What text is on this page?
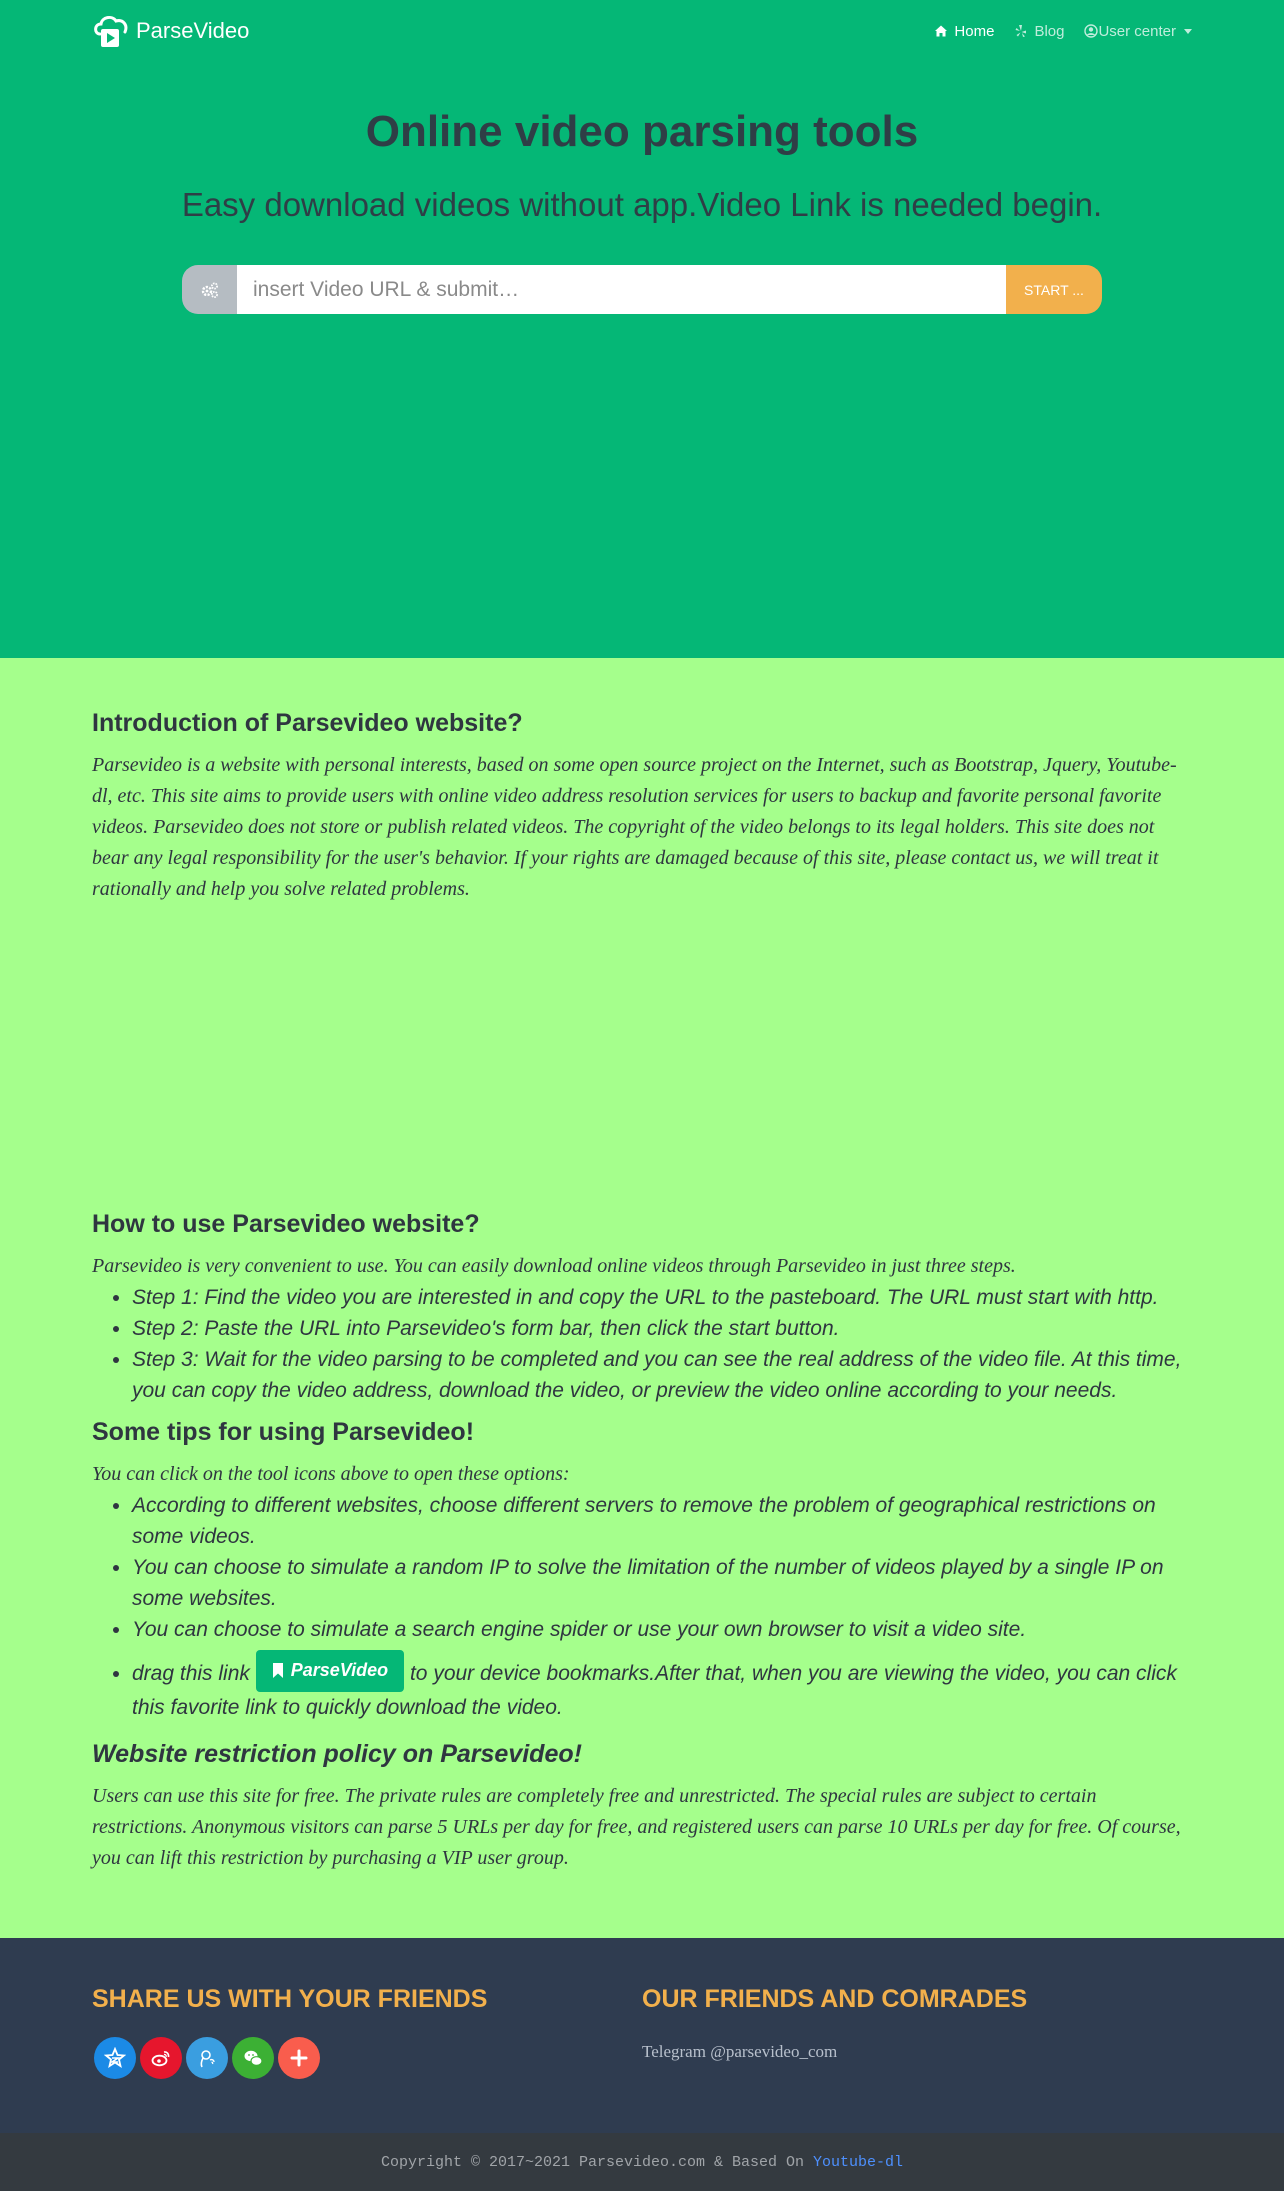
ParseVideo	Home	Blog User center
Online video parsing tools
Easy download videos without app.Video Link is needed begin.
insert Video URL & submit…
START ...
Introduction of Parsevideo website?

Parsevideo is a website with personal interests, based on some open source project on the Internet, such as Bootstrap, Jquery, Youtube-dl, etc. This site aims to provide users with online video address resolution services for users to backup and favorite personal favorite videos. Parsevideo does not store or publish related videos. The copyright of the video belongs to its legal holders. This site does not bear any legal responsibility for the user's behavior. If your rights are damaged because of this site, please contact us, we will treat it rationally and help you solve related problems.

How to use Parsevideo website?

Parsevideo is very convenient to use. You can easily download online videos through Parsevideo in just three steps.

• Step 1: Find the video you are interested in and copy the URL to the pasteboard. The URL must start with http.
• Step 2: Paste the URL into Parsevideo's form bar, then click the start button.
• Step 3: Wait for the video parsing to be completed and you can see the real address of the video file. At this time, you can copy the video address, download the video, or preview the video online according to your needs.
Some tips for using Parsevideo!

You can click on the tool icons above to open these options:

• According to different websites, choose different servers to remove the problem of geographical restrictions on some videos.
• You can choose to simulate a random IP to solve the limitation of the number of videos played by a single IP on some websites.
• You can choose to simulate a search engine spider or use your own browser to visit a video site.
• drag this link ParseVideo to your device bookmarks.After that, when you are viewing the video, you can click this favorite link to quickly download the video.
Website restriction policy on Parsevideo!

Users can use this site for free. The private rules are completely free and unrestricted. The special rules are subject to certain restrictions. Anonymous visitors can parse 5 URLs per day for free, and registered users can parse 10 URLs per day for free. Of course, you can lift this restriction by purchasing a VIP user group.

SHARE US WITH YOUR FRIENDS	OUR FRIENDS AND COMRADES
Telegram @parsevideo_com
Copyright © 2017~2021 Parsevideo.com & Based On Youtube-dl
